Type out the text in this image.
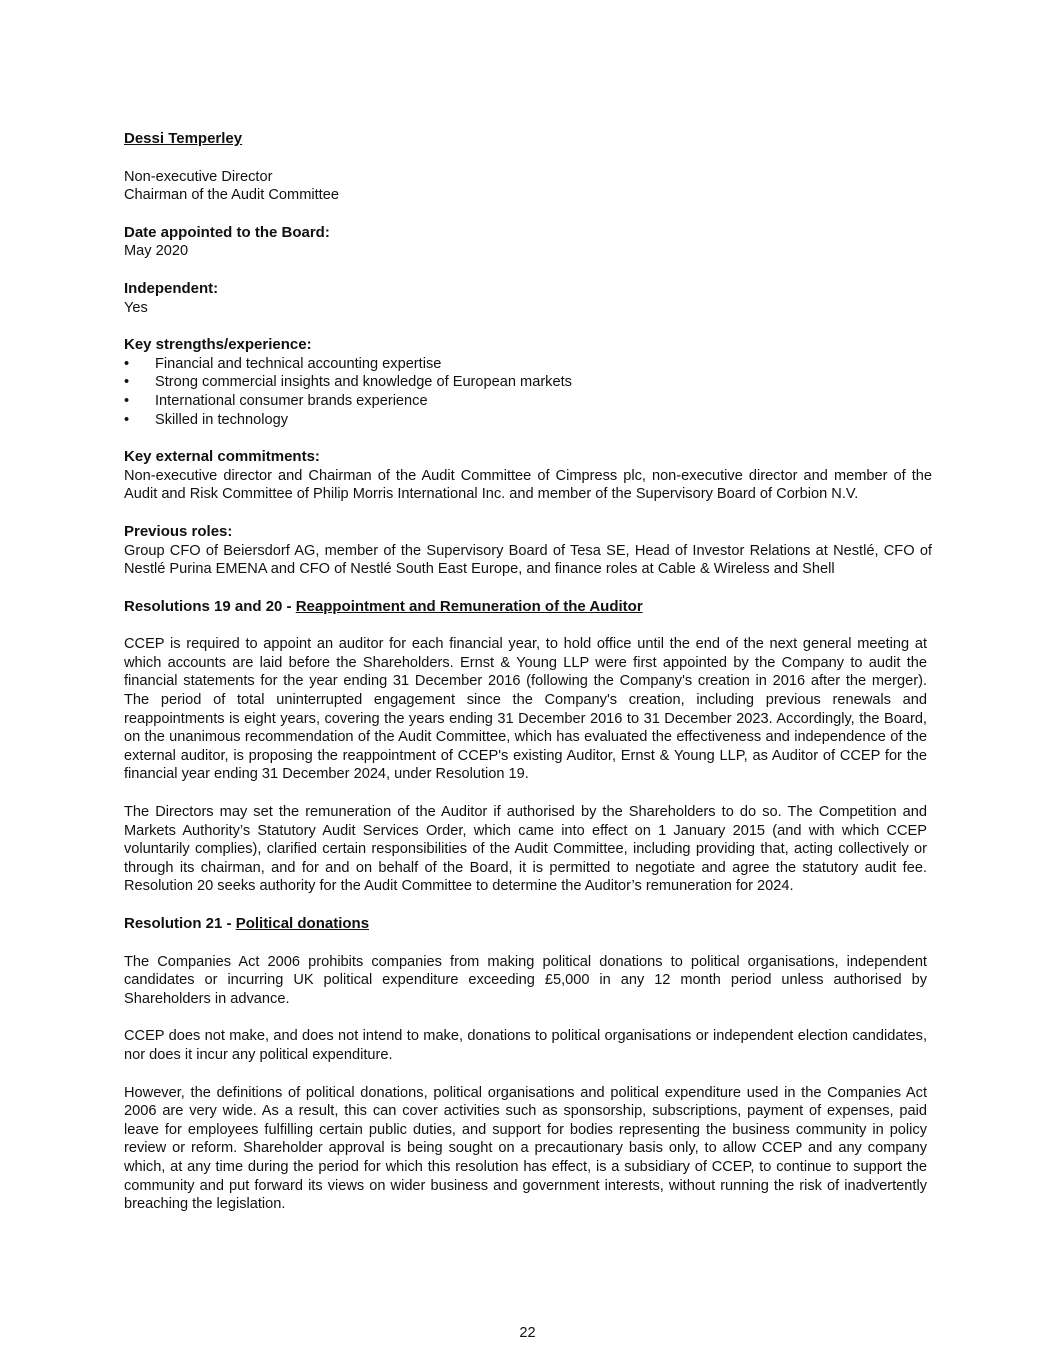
Dessi Temperley
Non-executive Director
Chairman of the Audit Committee
Date appointed to the Board:
May 2020
Independent:
Yes
Key strengths/experience:
• Financial and technical accounting expertise
• Strong commercial insights and knowledge of European markets
• International consumer brands experience
• Skilled in technology
Key external commitments:
Non-executive director and Chairman of the Audit Committee of Cimpress plc, non-executive director and member of the Audit and Risk Committee of Philip Morris International Inc. and member of the Supervisory Board of Corbion N.V.
Previous roles:
Group CFO of Beiersdorf AG, member of the Supervisory Board of Tesa SE, Head of Investor Relations at Nestlé, CFO of Nestlé Purina EMENA and CFO of Nestlé South East Europe, and finance roles at Cable & Wireless and Shell
Resolutions 19 and 20 - Reappointment and Remuneration of the Auditor
CCEP is required to appoint an auditor for each financial year, to hold office until the end of the next general meeting at which accounts are laid before the Shareholders. Ernst & Young LLP were first appointed by the Company to audit the financial statements for the year ending 31 December 2016 (following the Company's creation in 2016 after the merger). The period of total uninterrupted engagement since the Company's creation, including previous renewals and reappointments is eight years, covering the years ending 31 December 2016 to 31 December 2023. Accordingly, the Board, on the unanimous recommendation of the Audit Committee, which has evaluated the effectiveness and independence of the external auditor, is proposing the reappointment of CCEP's existing Auditor, Ernst & Young LLP, as Auditor of CCEP for the financial year ending 31 December 2024, under Resolution 19.
The Directors may set the remuneration of the Auditor if authorised by the Shareholders to do so. The Competition and Markets Authority’s Statutory Audit Services Order, which came into effect on 1 January 2015 (and with which CCEP voluntarily complies), clarified certain responsibilities of the Audit Committee, including providing that, acting collectively or through its chairman, and for and on behalf of the Board, it is permitted to negotiate and agree the statutory audit fee. Resolution 20 seeks authority for the Audit Committee to determine the Auditor’s remuneration for 2024.
Resolution 21 - Political donations
The Companies Act 2006 prohibits companies from making political donations to political organisations, independent candidates or incurring UK political expenditure exceeding £5,000 in any 12 month period unless authorised by Shareholders in advance.
CCEP does not make, and does not intend to make, donations to political organisations or independent election candidates, nor does it incur any political expenditure.
However, the definitions of political donations, political organisations and political expenditure used in the Companies Act 2006 are very wide. As a result, this can cover activities such as sponsorship, subscriptions, payment of expenses, paid leave for employees fulfilling certain public duties, and support for bodies representing the business community in policy review or reform. Shareholder approval is being sought on a precautionary basis only, to allow CCEP and any company which, at any time during the period for which this resolution has effect, is a subsidiary of CCEP, to continue to support the community and put forward its views on wider business and government interests, without running the risk of inadvertently breaching the legislation.
22
